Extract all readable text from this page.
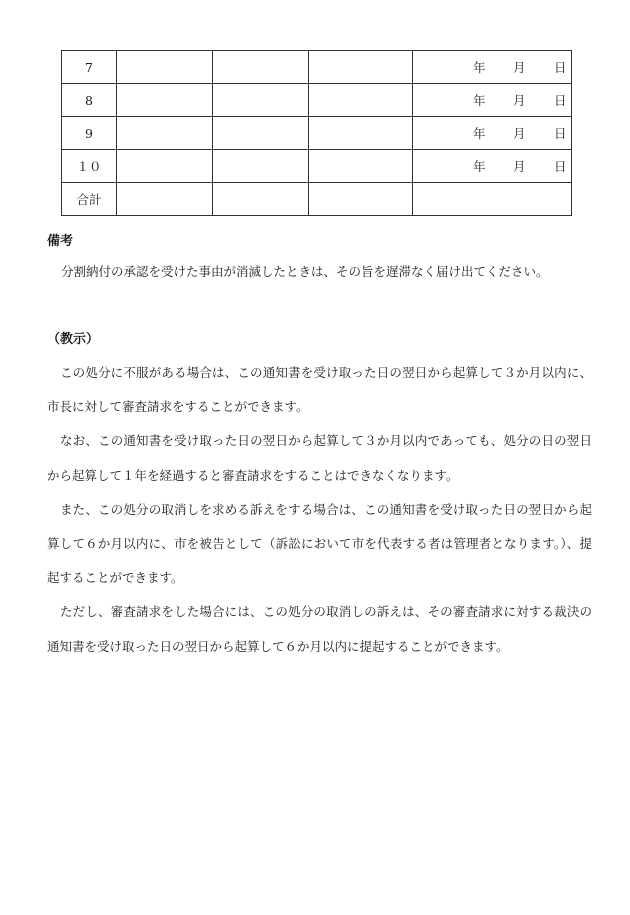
7				年 月 日

8				年 月 日

9				年 月 日

１０				年 月 日

合計				
備考

分割納付の承認を受けた事由が消滅したときは、その旨を遅滞なく届け出てください。

（教示）

この処分に不服がある場合は、この通知書を受け取った日の翌日から起算して３か月以内に、市長に対して審査請求をすることができます。

なお、この通知書を受け取った日の翌日から起算して３か月以内であっても、処分の日の翌日から起算して１年を経過すると審査請求をすることはできなくなります。

また、この処分の取消しを求める訴えをする場合は、この通知書を受け取った日の翌日から起算して６か月以内に、市を被告として（訴訟において市を代表する者は管理者となります。）、提起することができます。

ただし、審査請求をした場合には、この処分の取消しの訴えは、その審査請求に対する裁決の通知書を受け取った日の翌日から起算して６か月以内に提起することができます。
